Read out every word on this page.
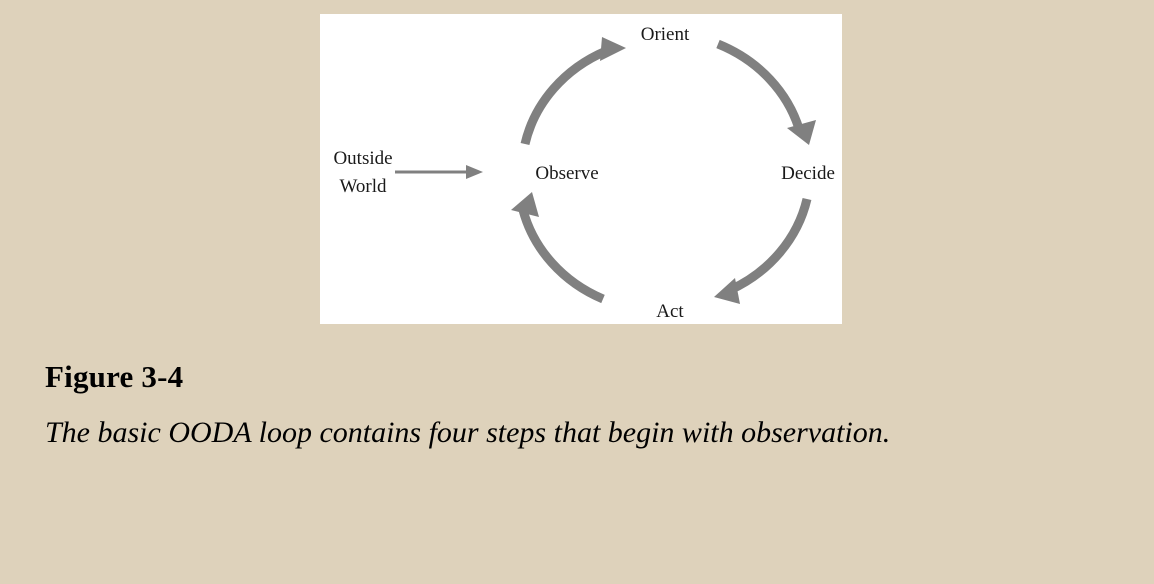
Outside
World
Observe
Orient
Decide
Act
Figure 3-4
The basic OODA loop contains four steps that begin with observation.
